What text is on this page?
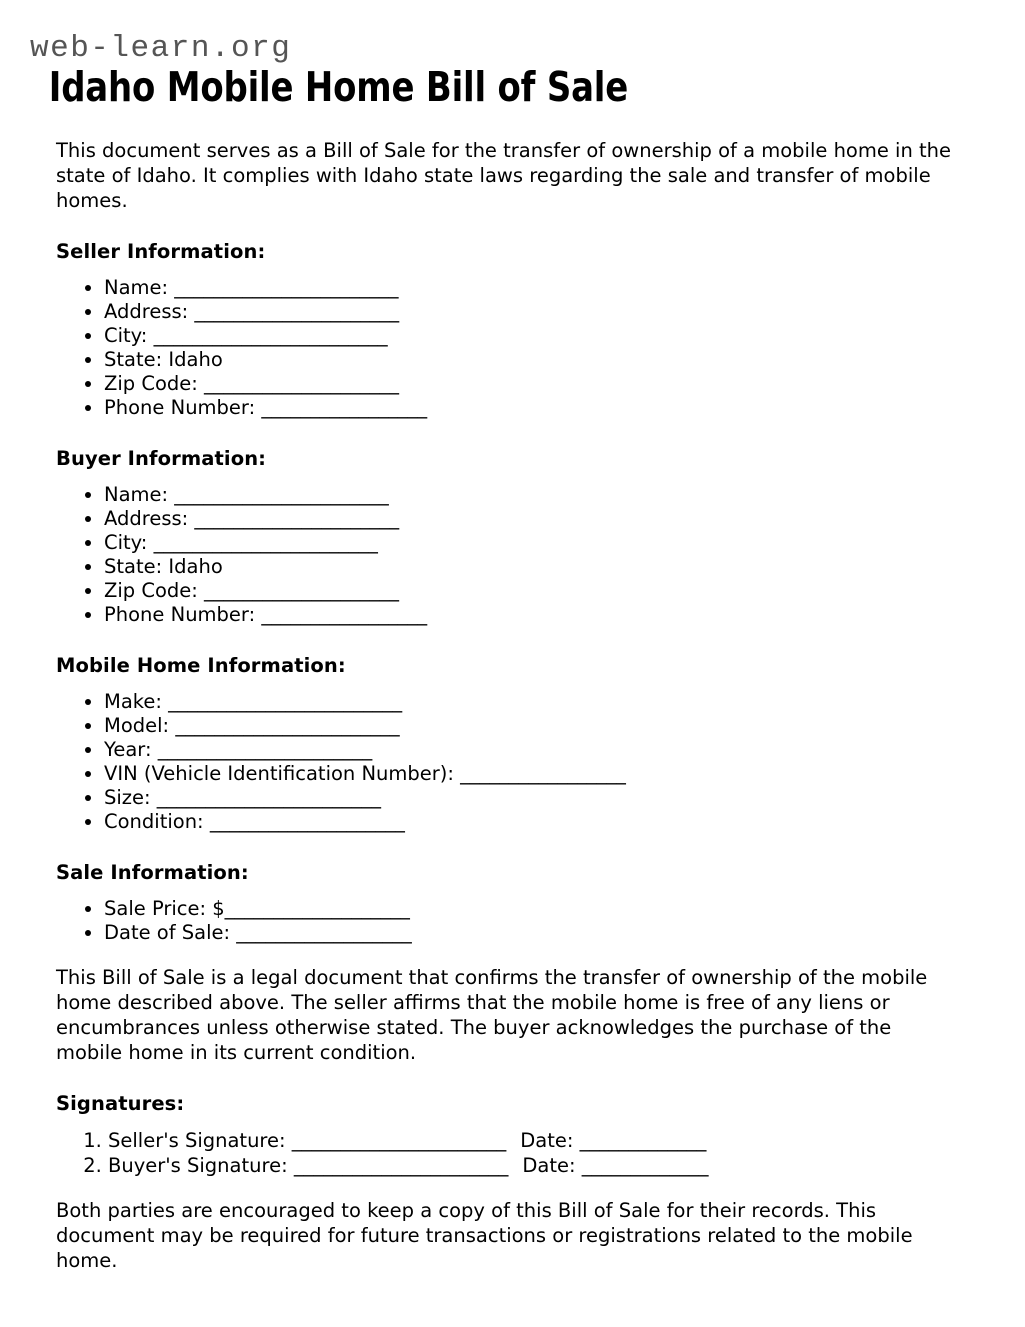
web-learn.org
Idaho Mobile Home Bill of Sale

This document serves as a Bill of Sale for the transfer of ownership of a mobile home in the state of Idaho. It complies with Idaho state laws regarding the sale and transfer of mobile homes.

Seller Information:
• Name: _______________________
• Address: _____________________
• City: ________________________
• State: Idaho
• Zip Code: ____________________
• Phone Number: _________________
Buyer Information:
• Name: ______________________
• Address: _____________________
• City: _______________________
• State: Idaho
• Zip Code: ____________________
• Phone Number: _________________
Mobile Home Information:
• Make: ________________________
• Model: _______________________
• Year: ______________________
• VIN (Vehicle Identification Number): _________________
• Size: _______________________
• Condition: ____________________
Sale Information:
• Sale Price: $___________________
• Date of Sale: __________________

This Bill of Sale is a legal document that confirms the transfer of ownership of the mobile home described above. The seller affirms that the mobile home is free of any liens or encumbrances unless otherwise stated. The buyer acknowledges the purchase of the mobile home in its current condition.

Signatures:
1. Seller's Signature: ______________________ Date: _____________
2. Buyer's Signature: ______________________ Date: _____________

Both parties are encouraged to keep a copy of this Bill of Sale for their records. This document may be required for future transactions or registrations related to the mobile home.
